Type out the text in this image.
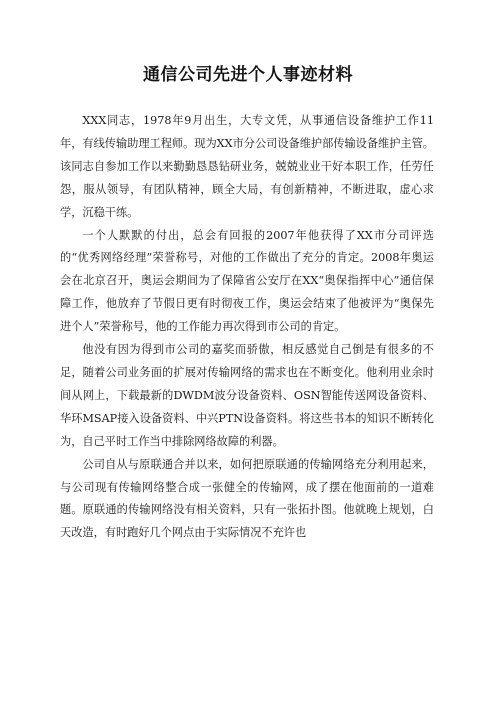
通信公司先进个人事迹材料

XXX同志，1978年9月出生，大专文凭，从事通信设备维护工作11年，有线传输助理工程师。现为XX市分公司设备维护部传输设备维护主管。该同志自参加工作以来勤勤恳恳钻研业务，兢兢业业干好本职工作，任劳任怨，服从领导，有团队精神，顾全大局，有创新精神，不断进取，虚心求学，沉稳干练。

一个人默默的付出，总会有回报的2007年他获得了XX市分司评选的“优秀网络经理”荣誉称号，对他的工作做出了充分的肯定。2008年奥运会在北京召开，奥运会期间为了保障省公安厅在XX“奥保指挥中心”通信保障工作，他放弃了节假日更有时彻夜工作，奥运会结束了他被评为“奥保先进个人”荣誉称号，他的工作能力再次得到市公司的肯定。

他没有因为得到市公司的嘉奖而骄傲，相反感觉自己倒是有很多的不足，随着公司业务面的扩展对传输网络的需求也在不断变化。他利用业余时间从网上，下载最新的DWDM波分设备资料、OSN智能传送网设备资料、华环MSAP接入设备资料、中兴PTN设备资料。将这些书本的知识不断转化为，自己平时工作当中排除网络故障的利器。

公司自从与原联通合并以来，如何把原联通的传输网络充分利用起来，与公司现有传输网络整合成一张健全的传输网，成了摆在他面前的一道难题。原联通的传输网络没有相关资料，只有一张拓扑图。他就晚上规划，白天改造，有时跑好几个网点由于实际情况不充许也
